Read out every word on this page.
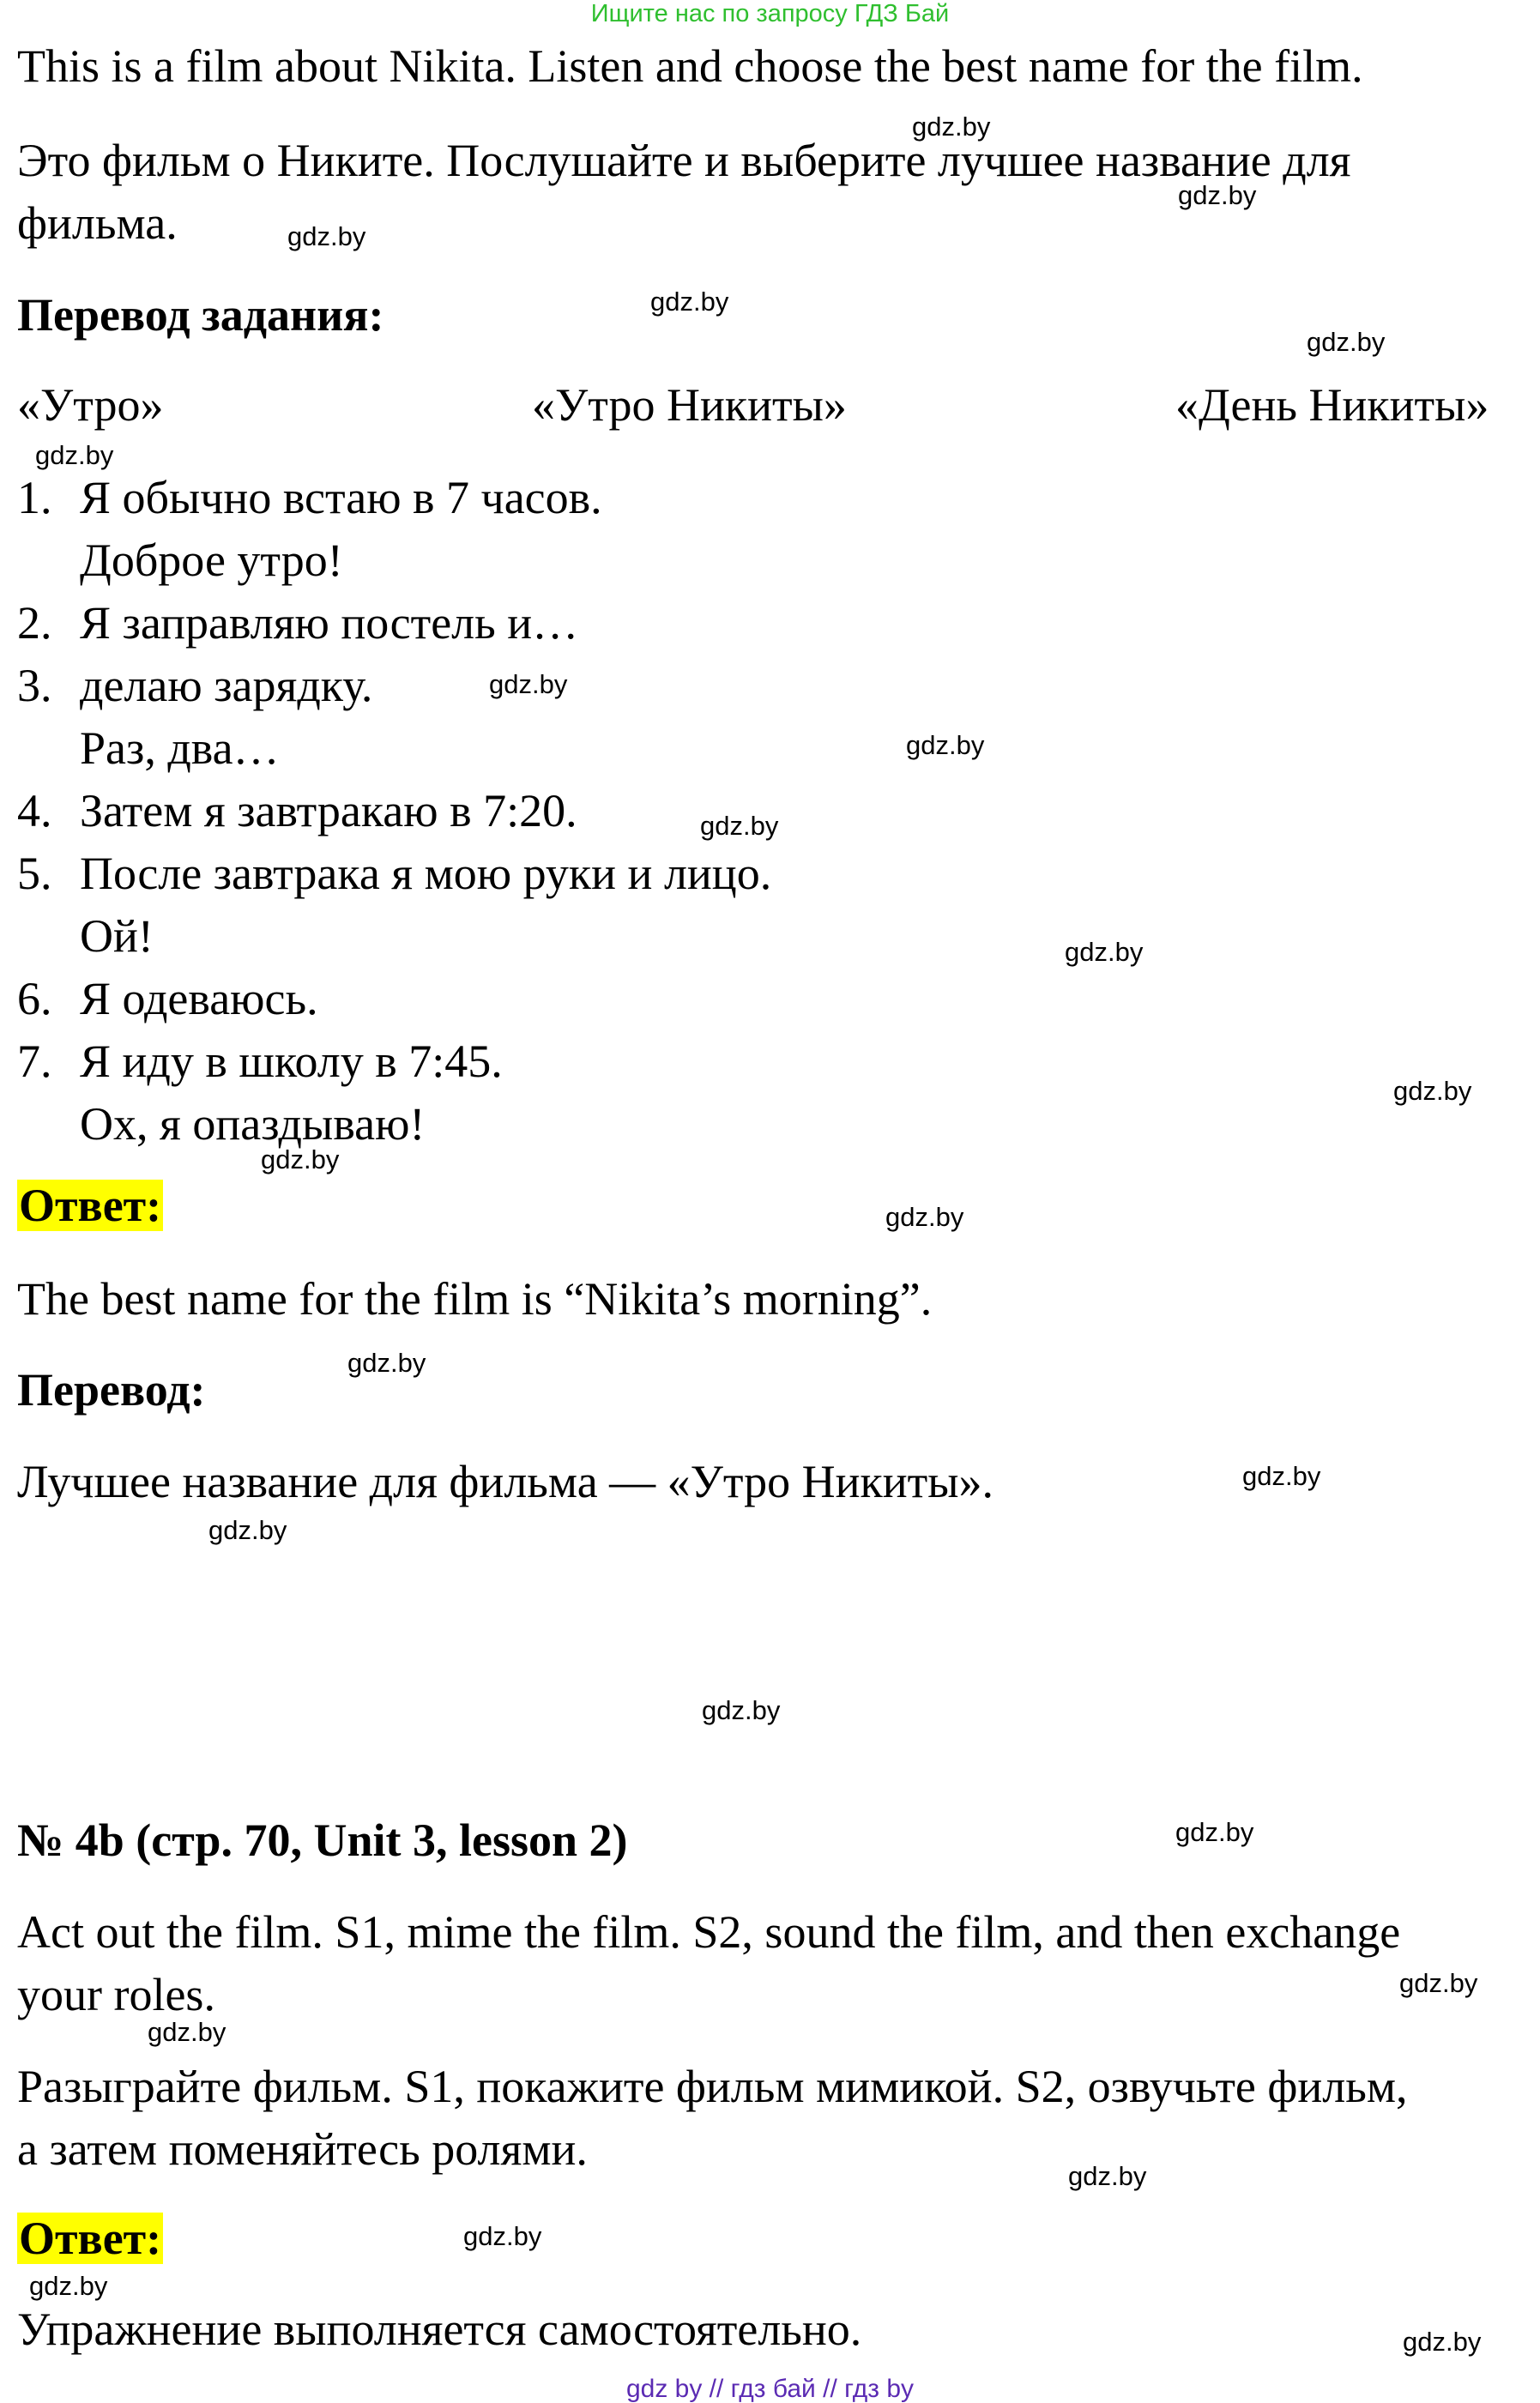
Ищите нас по запросу ГДЗ Бай
This is a film about Nikita. Listen and choose the best name for the film.
Это фильм о Никите. Послушайте и выберите лучшее название для
фильма.
Перевод задания:
«Утро»	«Утро Никиты»	«День Никиты»
1. Я обычно встаю в 7 часов.
Доброе утро!
2. Я заправляю постель и…
3. делаю зарядку.
Раз, два…
4. Затем я завтракаю в 7:20.
5. После завтрака я мою руки и лицо.
Ой!
6. Я одеваюсь.
7. Я иду в школу в 7:45.
Ох, я опаздываю!
Ответ:
The best name for the film is “Nikita’s morning”.
Перевод:
Лучшее название для фильма — «Утро Никиты».
№ 4b (стр. 70, Unit 3, lesson 2)
Act out the film. S1, mime the film. S2, sound the film, and then exchange
your roles.
Разыграйте фильм. S1, покажите фильм мимикой. S2, озвучьте фильм,
а затем поменяйтесь ролями.
Ответ:
Упражнение выполняется самостоятельно.
gdz.by
gdz.by
gdz.by
gdz.by
gdz.by
gdz.by
gdz.by
gdz.by
gdz.by
gdz.by
gdz.by
gdz.by
gdz.by
gdz.by
gdz.by
gdz.by
gdz.by
gdz.by
gdz.by
gdz.by
gdz.by
gdz.by
gdz.by
gdz.by
gdz by // гдз бай // гдз by
